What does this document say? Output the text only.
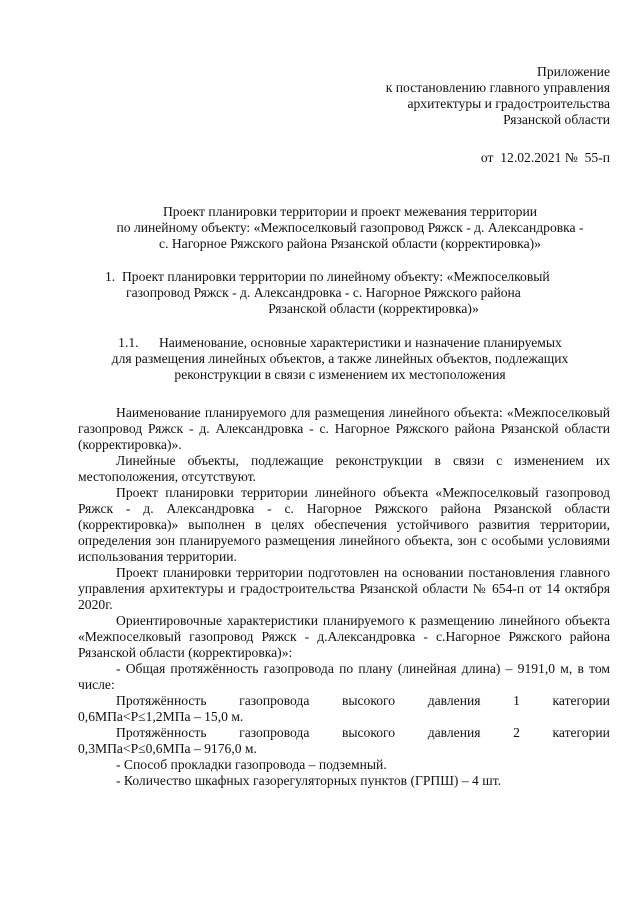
Приложение
к постановлению главного управления
архитектуры и градостроительства
Рязанской области
от  12.02.2021 №  55-п
Проект планировки территории и проект межевания территории
по линейному объекту: «Межпоселковый газопровод Ряжск - д. Александровка -
с. Нагорное Ряжского района Рязанской области (корректировка)»
1.  Проект планировки территории по линейному объекту: «Межпоселковый
газопровод Ряжск - д. Александровка - с. Нагорное Ряжского района
Рязанской области (корректировка)»
1.1.      Наименование, основные характеристики и назначение планируемых
для размещения линейных объектов, а также линейных объектов, подлежащих
реконструкции в связи с изменением их местоположения
Наименование планируемого для размещения линейного объекта: «Межпоселковый газопровод Ряжск - д. Александровка - с. Нагорное Ряжского района Рязанской области (корректировка)».
Линейные объекты, подлежащие реконструкции в связи с изменением их местоположения, отсутствуют.
Проект планировки территории линейного объекта «Межпоселковый газопровод Ряжск - д. Александровка - с. Нагорное Ряжского района Рязанской области (корректировка)» выполнен в целях обеспечения устойчивого развития территории, определения зон планируемого размещения линейного объекта, зон с особыми условиями использования территории.
Проект планировки территории подготовлен на основании постановления главного управления архитектуры и градостроительства Рязанской области № 654-п от 14 октября 2020г.
Ориентировочные характеристики планируемого к размещению линейного объекта «Межпоселковый газопровод Ряжск - д.Александровка - с.Нагорное Ряжского района Рязанской области (корректировка)»:
- Общая протяжённость газопровода по плану (линейная длина) – 9191,0 м, в том числе:
Протяжённость газопровода высокого давления 1 категории
0,6МПа<Р≤1,2МПа – 15,0 м.
Протяжённость газопровода высокого давления 2 категории
0,3МПа<Р≤0,6МПа – 9176,0 м.
- Способ прокладки газопровода – подземный.
- Количество шкафных газорегуляторных пунктов (ГРПШ) – 4 шт.
